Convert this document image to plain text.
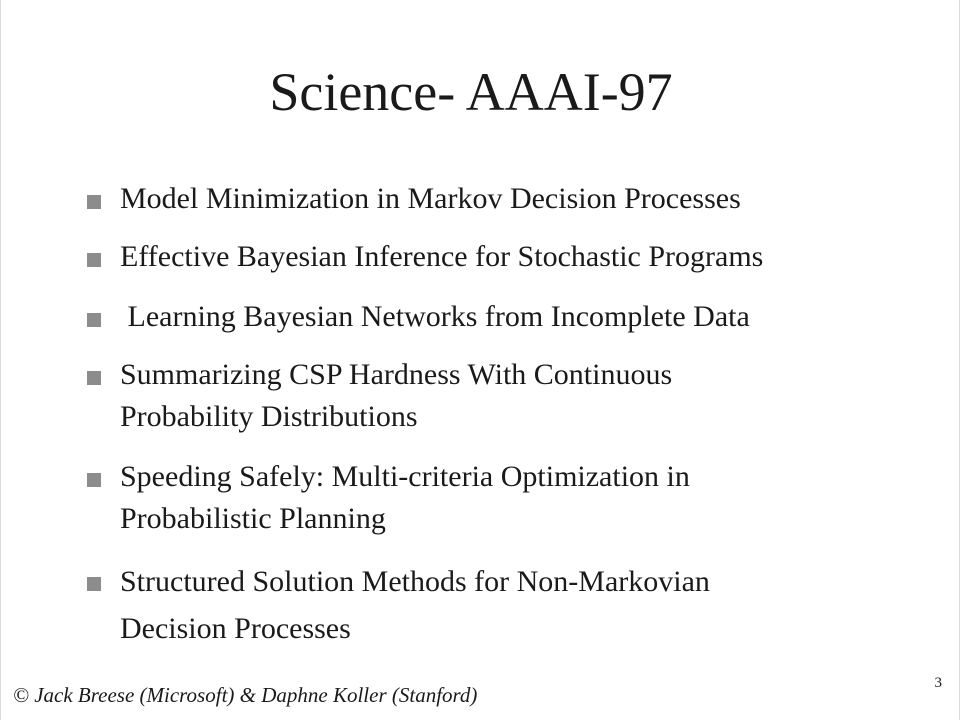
Science- AAAI-97
Model Minimization in Markov Decision Processes
Effective Bayesian Inference for Stochastic Programs
Learning Bayesian Networks from Incomplete Data
Summarizing CSP Hardness With Continuous
Probability Distributions
Speeding Safely: Multi-criteria Optimization in
Probabilistic Planning
Structured Solution Methods for Non-Markovian
Decision Processes
© Jack Breese (Microsoft) & Daphne Koller (Stanford)	3
